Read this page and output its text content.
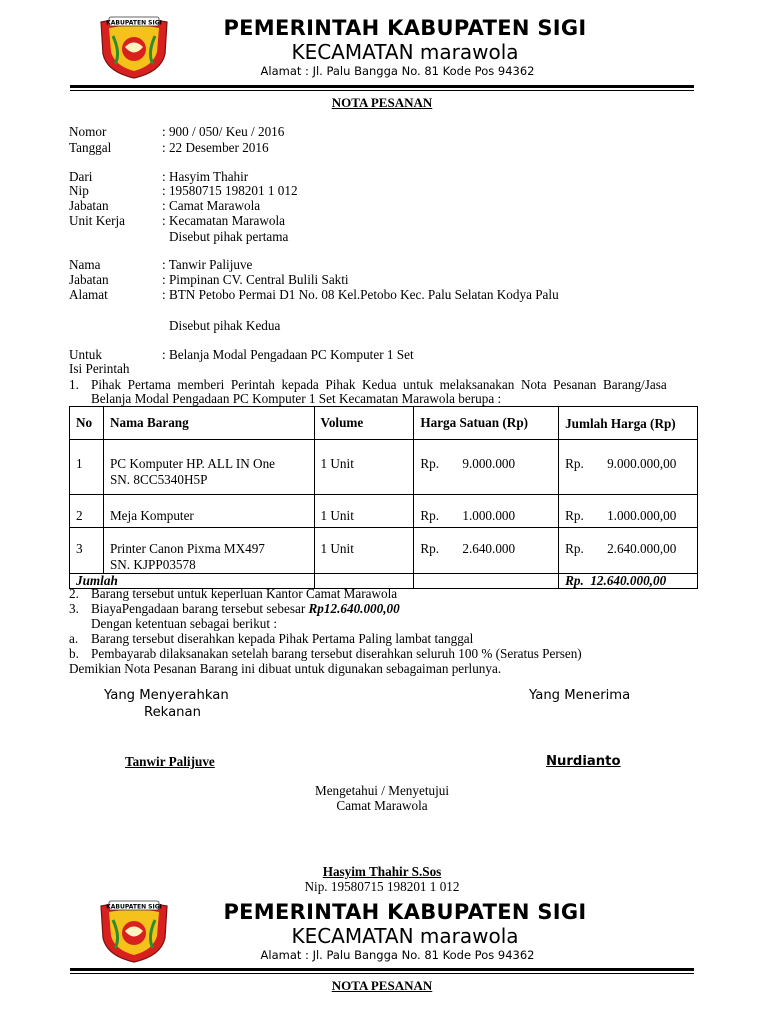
KABUPATEN SIGI	PEMERINTAH KABUPATEN SIGI
KECAMATAN marawola
Alamat : Jl. Palu Bangga No. 81 Kode Pos 94362
NOTA PESANAN
Nomor	: 900 / 050/ Keu / 2016
Tanggal	: 22 Desember 2016
Dari	: Hasyim Thahir
Nip	: 19580715 198201 1 012
Jabatan	: Camat Marawola
Unit Kerja	: Kecamatan Marawola
Disebut pihak pertama
Nama	: Tanwir Palijuve
Jabatan	: Pimpinan CV. Central Bulili Sakti
Alamat	: BTN Petobo Permai D1 No. 08 Kel.Petobo Kec. Palu Selatan Kodya Palu
Disebut pihak Kedua
Untuk	: Belanja Modal Pengadaan PC Komputer 1 Set
Isi Perintah
1. Pihak  Pertama  memberi  Perintah  kepada  Pihak  Kedua  untuk  melaksanakan  Nota  Pesanan  Barang/Jasa
Belanja Modal Pengadaan PC Komputer 1 Set Kecamatan Marawola berupa :
No	Nama Barang	Volume	Harga Satuan (Rp)	Jumlah Harga (Rp)
1	PC Komputer HP. ALL IN One
SN. 8CC5340H5P	1 Unit	Rp. 9.000.000	Rp. 9.000.000,00
2	Meja Komputer	1 Unit	Rp. 1.000.000	Rp. 1.000.000,00
3	Printer Canon Pixma MX497
SN. KJPP03578	1 Unit	Rp. 2.640.000	Rp. 2.640.000,00
Jumlah				Rp.  12.640.000,00
2. Barang tersebut untuk keperluan Kantor Camat Marawola
3. BiayaPengadaan barang tersebut sebesar Rp12.640.000,00
Dengan ketentuan sebagai berikut :
a. Barang tersebut diserahkan kepada Pihak Pertama Paling lambat tanggal
b. Pembayarab dilaksanakan setelah barang tersebut diserahkan seluruh 100 % (Seratus Persen)
Demikian Nota Pesanan Barang ini dibuat untuk digunakan sebagaiman perlunya.
Yang Menyerahkan
Rekanan
Yang Menerima
Tanwir Palijuve	Nurdianto
Mengetahui / Menyetujui
Camat Marawola
Hasyim Thahir S.Sos
Nip. 19580715 198201 1 012
KABUPATEN SIGI	PEMERINTAH KABUPATEN SIGI
KECAMATAN marawola
Alamat : Jl. Palu Bangga No. 81 Kode Pos 94362
NOTA PESANAN
